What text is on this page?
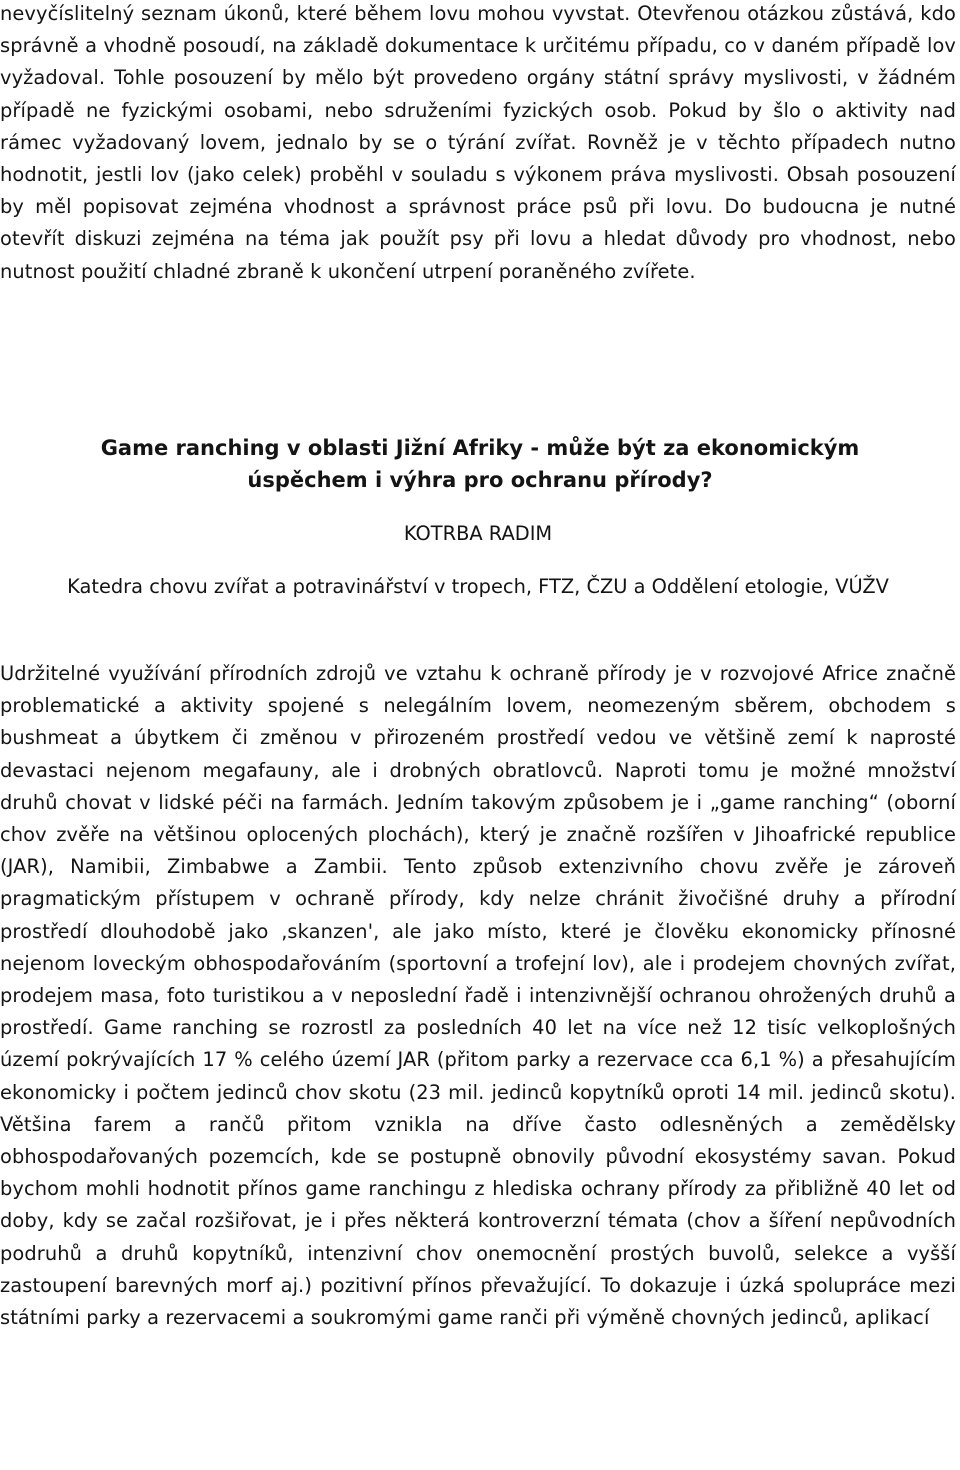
nevyčíslitelný seznam úkonů, které během lovu mohou vyvstat. Otevřenou otázkou zůstává, kdo správně a vhodně posoudí, na základě dokumentace k určitému případu, co v daném případě lov vyžadoval. Tohle posouzení by mělo být provedeno orgány státní správy myslivosti, v žádném případě ne fyzickými osobami, nebo sdruženími fyzických osob. Pokud by šlo o aktivity nad rámec vyžadovaný lovem, jednalo by se o týrání zvířat. Rovněž je v těchto případech nutno hodnotit, jestli lov (jako celek) proběhl v souladu s výkonem práva myslivosti. Obsah posouzení by měl popisovat zejména vhodnost a správnost práce psů při lovu. Do budoucna je nutné otevřít diskuzi zejména na téma jak použít psy při lovu a hledat důvody pro vhodnost, nebo nutnost použití chladné zbraně k ukončení utrpení poraněného zvířete.

Game ranching v oblasti Jižní Afriky - může být za ekonomickým úspěchem i výhra pro ochranu přírody?

KOTRBA RADIM

Katedra chovu zvířat a potravinářství v tropech, FTZ, ČZU a Oddělení etologie, VÚŽV

Udržitelné využívání přírodních zdrojů ve vztahu k ochraně přírody je v rozvojové Africe značně problematické a aktivity spojené s nelegálním lovem, neomezeným sběrem, obchodem s bushmeat a úbytkem či změnou v přirozeném prostředí vedou ve většině zemí k naprosté devastaci nejenom megafauny, ale i drobných obratlovců. Naproti tomu je možné množství druhů chovat v lidské péči na farmách. Jedním takovým způsobem je i „game ranching“ (oborní chov zvěře na většinou oplocených plochách), který je značně rozšířen v Jihoafrické republice (JAR), Namibii, Zimbabwe a Zambii. Tento způsob extenzivního chovu zvěře je zároveň pragmatickým přístupem v ochraně přírody, kdy nelze chránit živočišné druhy a přírodní prostředí dlouhodobě jako ‚skanzen', ale jako místo, které je člověku ekonomicky přínosné nejenom loveckým obhospodařováním (sportovní a trofejní lov), ale i prodejem chovných zvířat, prodejem masa, foto turistikou a v neposlední řadě i intenzivnější ochranou ohrožených druhů a prostředí. Game ranching se rozrostl za posledních 40 let na více než 12 tisíc velkoplošných území pokrývajících 17 % celého území JAR (přitom parky a rezervace cca 6,1 %) a přesahujícím ekonomicky i počtem jedinců chov skotu (23 mil. jedinců kopytníků oproti 14 mil. jedinců skotu). Většina farem a rančů přitom vznikla na dříve často odlesněných a zemědělsky obhospodařovaných pozemcích, kde se postupně obnovily původní ekosystémy savan. Pokud bychom mohli hodnotit přínos game ranchingu z hlediska ochrany přírody za přibližně 40 let od doby, kdy se začal rozšiřovat, je i přes některá kontroverzní témata (chov a šíření nepůvodních podruhů a druhů kopytníků, intenzivní chov onemocnění prostých buvolů, selekce a vyšší zastoupení barevných morf aj.) pozitivní přínos převažující. To dokazuje i úzká spolupráce mezi státními parky a rezervacemi a soukromými game ranči při výměně chovných jedinců, aplikací
